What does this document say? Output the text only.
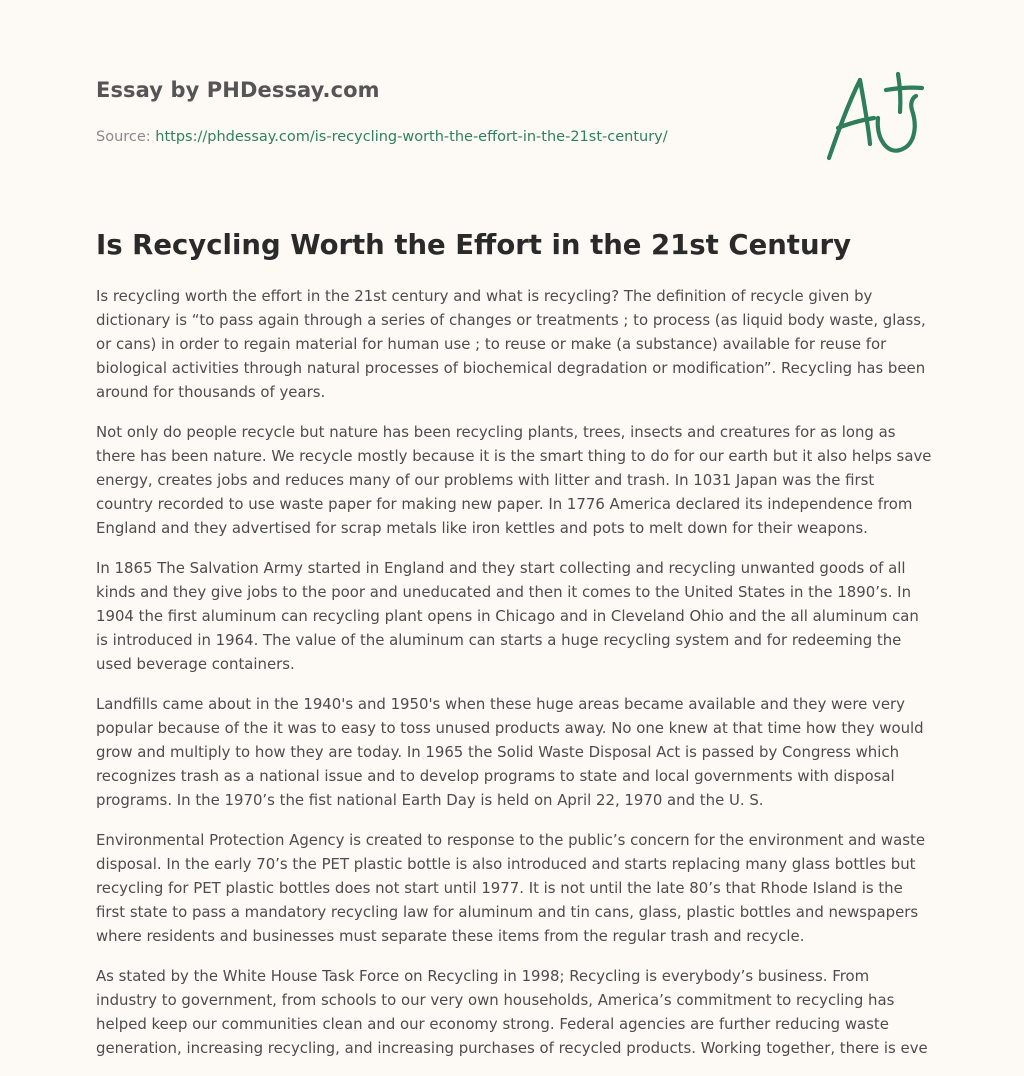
Essay by PHDessay.com
Source: https://phdessay.com/is-recycling-worth-the-effort-in-the-21st-century/
Is Recycling Worth the Effort in the 21st Century

Is recycling worth the effort in the 21st century and what is recycling? The definition of recycle given by dictionary is “to pass again through a series of changes or treatments ; to process (as liquid body waste, glass, or cans) in order to regain material for human use ; to reuse or make (a substance) available for reuse for biological activities through natural processes of biochemical degradation or modification”. Recycling has been around for thousands of years.

Not only do people recycle but nature has been recycling plants, trees, insects and creatures for as long as there has been nature. We recycle mostly because it is the smart thing to do for our earth but it also helps save energy, creates jobs and reduces many of our problems with litter and trash. In 1031 Japan was the first country recorded to use waste paper for making new paper. In 1776 America declared its independence from England and they advertised for scrap metals like iron kettles and pots to melt down for their weapons.

In 1865 The Salvation Army started in England and they start collecting and recycling unwanted goods of all kinds and they give jobs to the poor and uneducated and then it comes to the United States in the 1890’s. In 1904 the first aluminum can recycling plant opens in Chicago and in Cleveland Ohio and the all aluminum can is introduced in 1964. The value of the aluminum can starts a huge recycling system and for redeeming the used beverage containers.

Landfills came about in the 1940's and 1950's when these huge areas became available and they were very popular because of the it was to easy to toss unused products away. No one knew at that time how they would grow and multiply to how they are today. In 1965 the Solid Waste Disposal Act is passed by Congress which recognizes trash as a national issue and to develop programs to state and local governments with disposal programs. In the 1970’s the fist national Earth Day is held on April 22, 1970 and the U. S.

Environmental Protection Agency is created to response to the public’s concern for the environment and waste disposal. In the early 70’s the PET plastic bottle is also introduced and starts replacing many glass bottles but recycling for PET plastic bottles does not start until 1977. It is not until the late 80’s that Rhode Island is the first state to pass a mandatory recycling law for aluminum and tin cans, glass, plastic bottles and newspapers where residents and businesses must separate these items from the regular trash and recycle.

As stated by the White House Task Force on Recycling in 1998; Recycling is everybody’s business. From industry to government, from schools to our very own households, America’s commitment to recycling has helped keep our communities clean and our economy strong. Federal agencies are further reducing waste generation, increasing recycling, and increasing purchases of recycled products. Working together, there is eve
